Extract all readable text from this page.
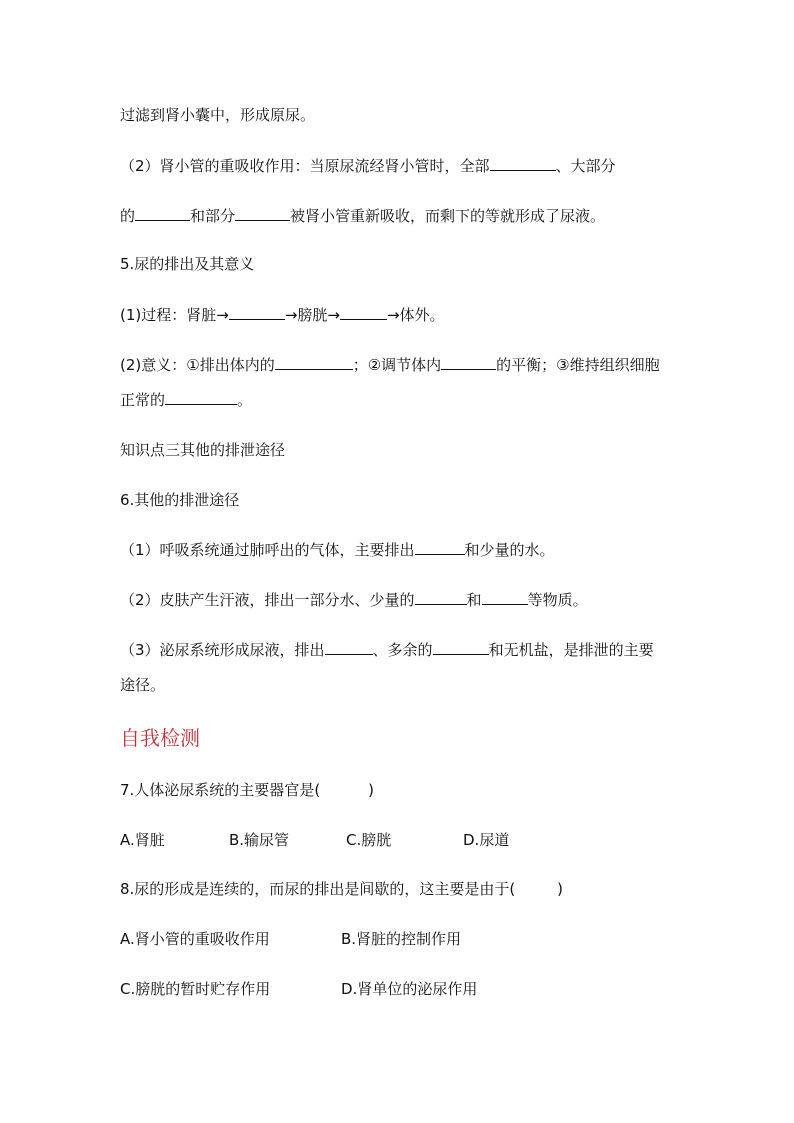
过滤到肾小囊中，形成原尿。
（2）肾小管的重吸收作用：当原尿流经肾小管时，全部	、大部分
的	和部分	被肾小管重新吸收，而剩下的等就形成了尿液。
5.尿的排出及其意义
(1)过程：肾脏→	→膀胱→	→体外。
(2)意义：①排出体内的	；②调节体内	的平衡；③维持组织细胞
正常的	。
知识点三其他的排泄途径
6.其他的排泄途径
（1）呼吸系统通过肺呼出的气体，主要排出	和少量的水。
（2）皮肤产生汗液，排出一部分水、少量的	和	等物质。
（3）泌尿系统形成尿液，排出	、多余的	和无机盐，是排泄的主要
途径。
自我检测
7.人体泌尿系统的主要器官是(	)
A.肾脏	B.输尿管	C.膀胱	D.尿道
8.尿的形成是连续的，而尿的排出是间歇的，这主要是由于(	)
A.肾小管的重吸收作用	B.肾脏的控制作用
C.膀胱的暂时贮存作用	D.肾单位的泌尿作用
